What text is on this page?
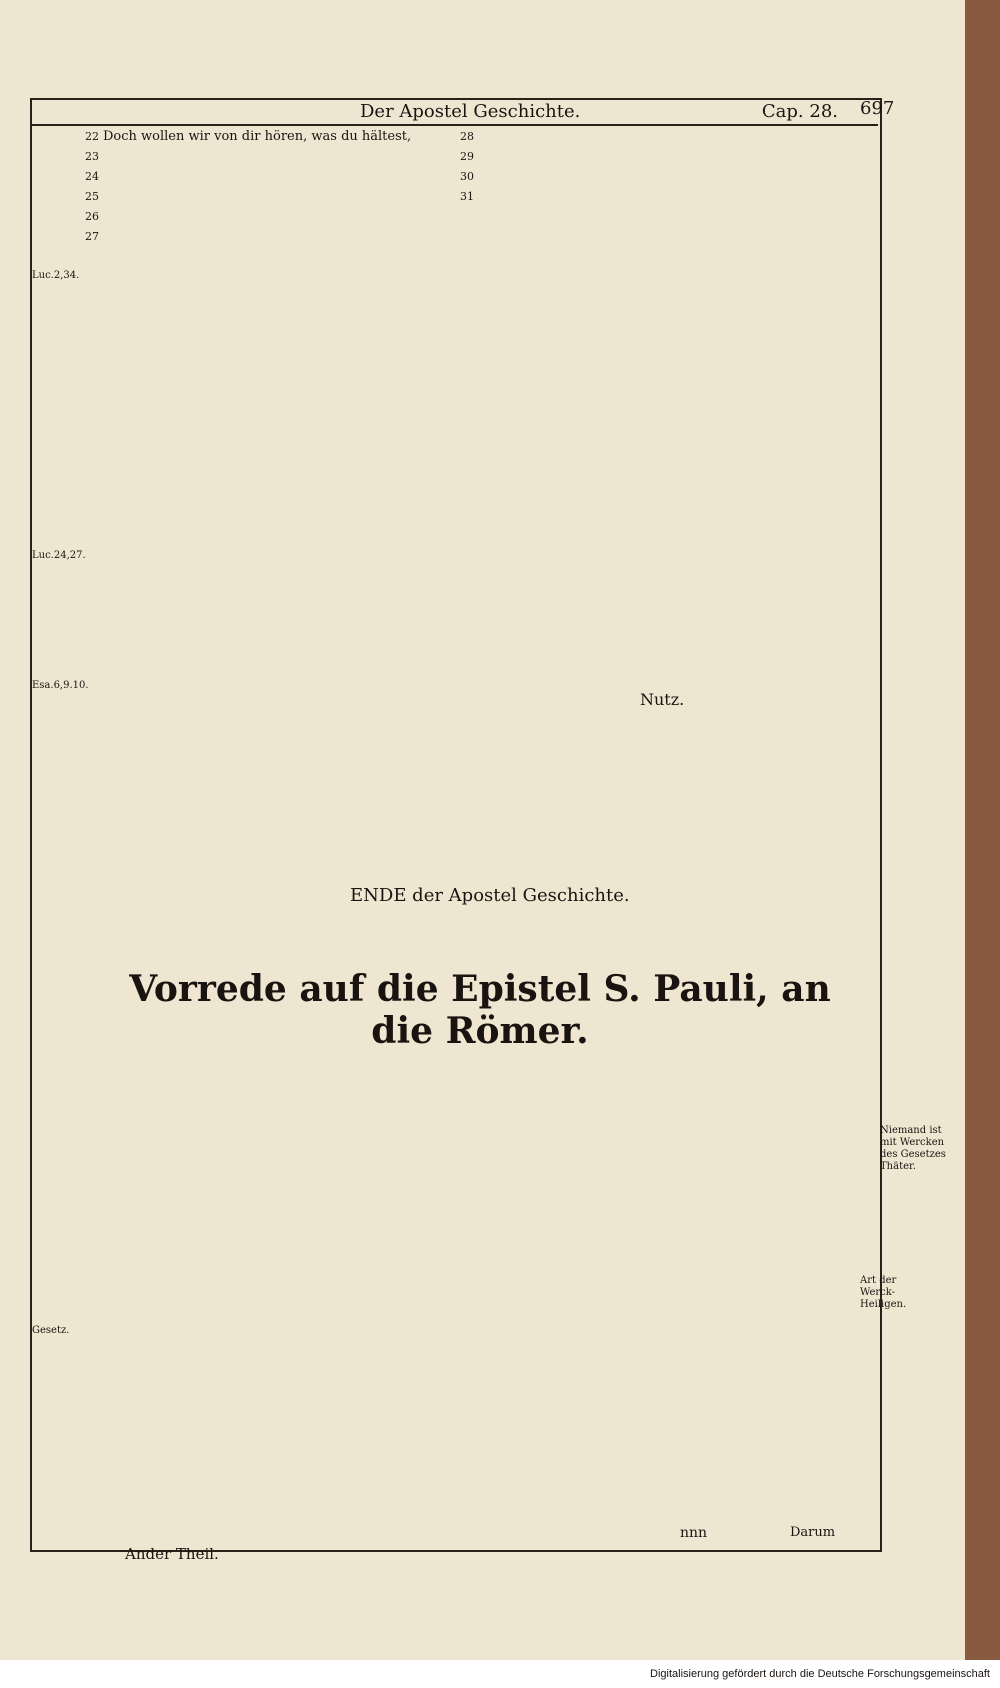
Der Apostel Geschichte.	Cap. 28. 697
22 Doch wollen wir von dir hören, was du hältest,
23
24
25
26
27
28
29
30
31
Luc.2,34.
Luc.24,27.
Esa.6,9.10.
Nutz.
ENDE der Apostel Geschichte.
Vorrede auf die Epistel S. Pauli, an die Römer.
Gesetz.
Niemand ist mit Wercken des Gesetzes Thäter.
Art der Werck-Heiligen.
nnn	Darum
Ander Theil.
Digitalisierung gefördert durch die Deutsche Forschungsgemeinschaft
